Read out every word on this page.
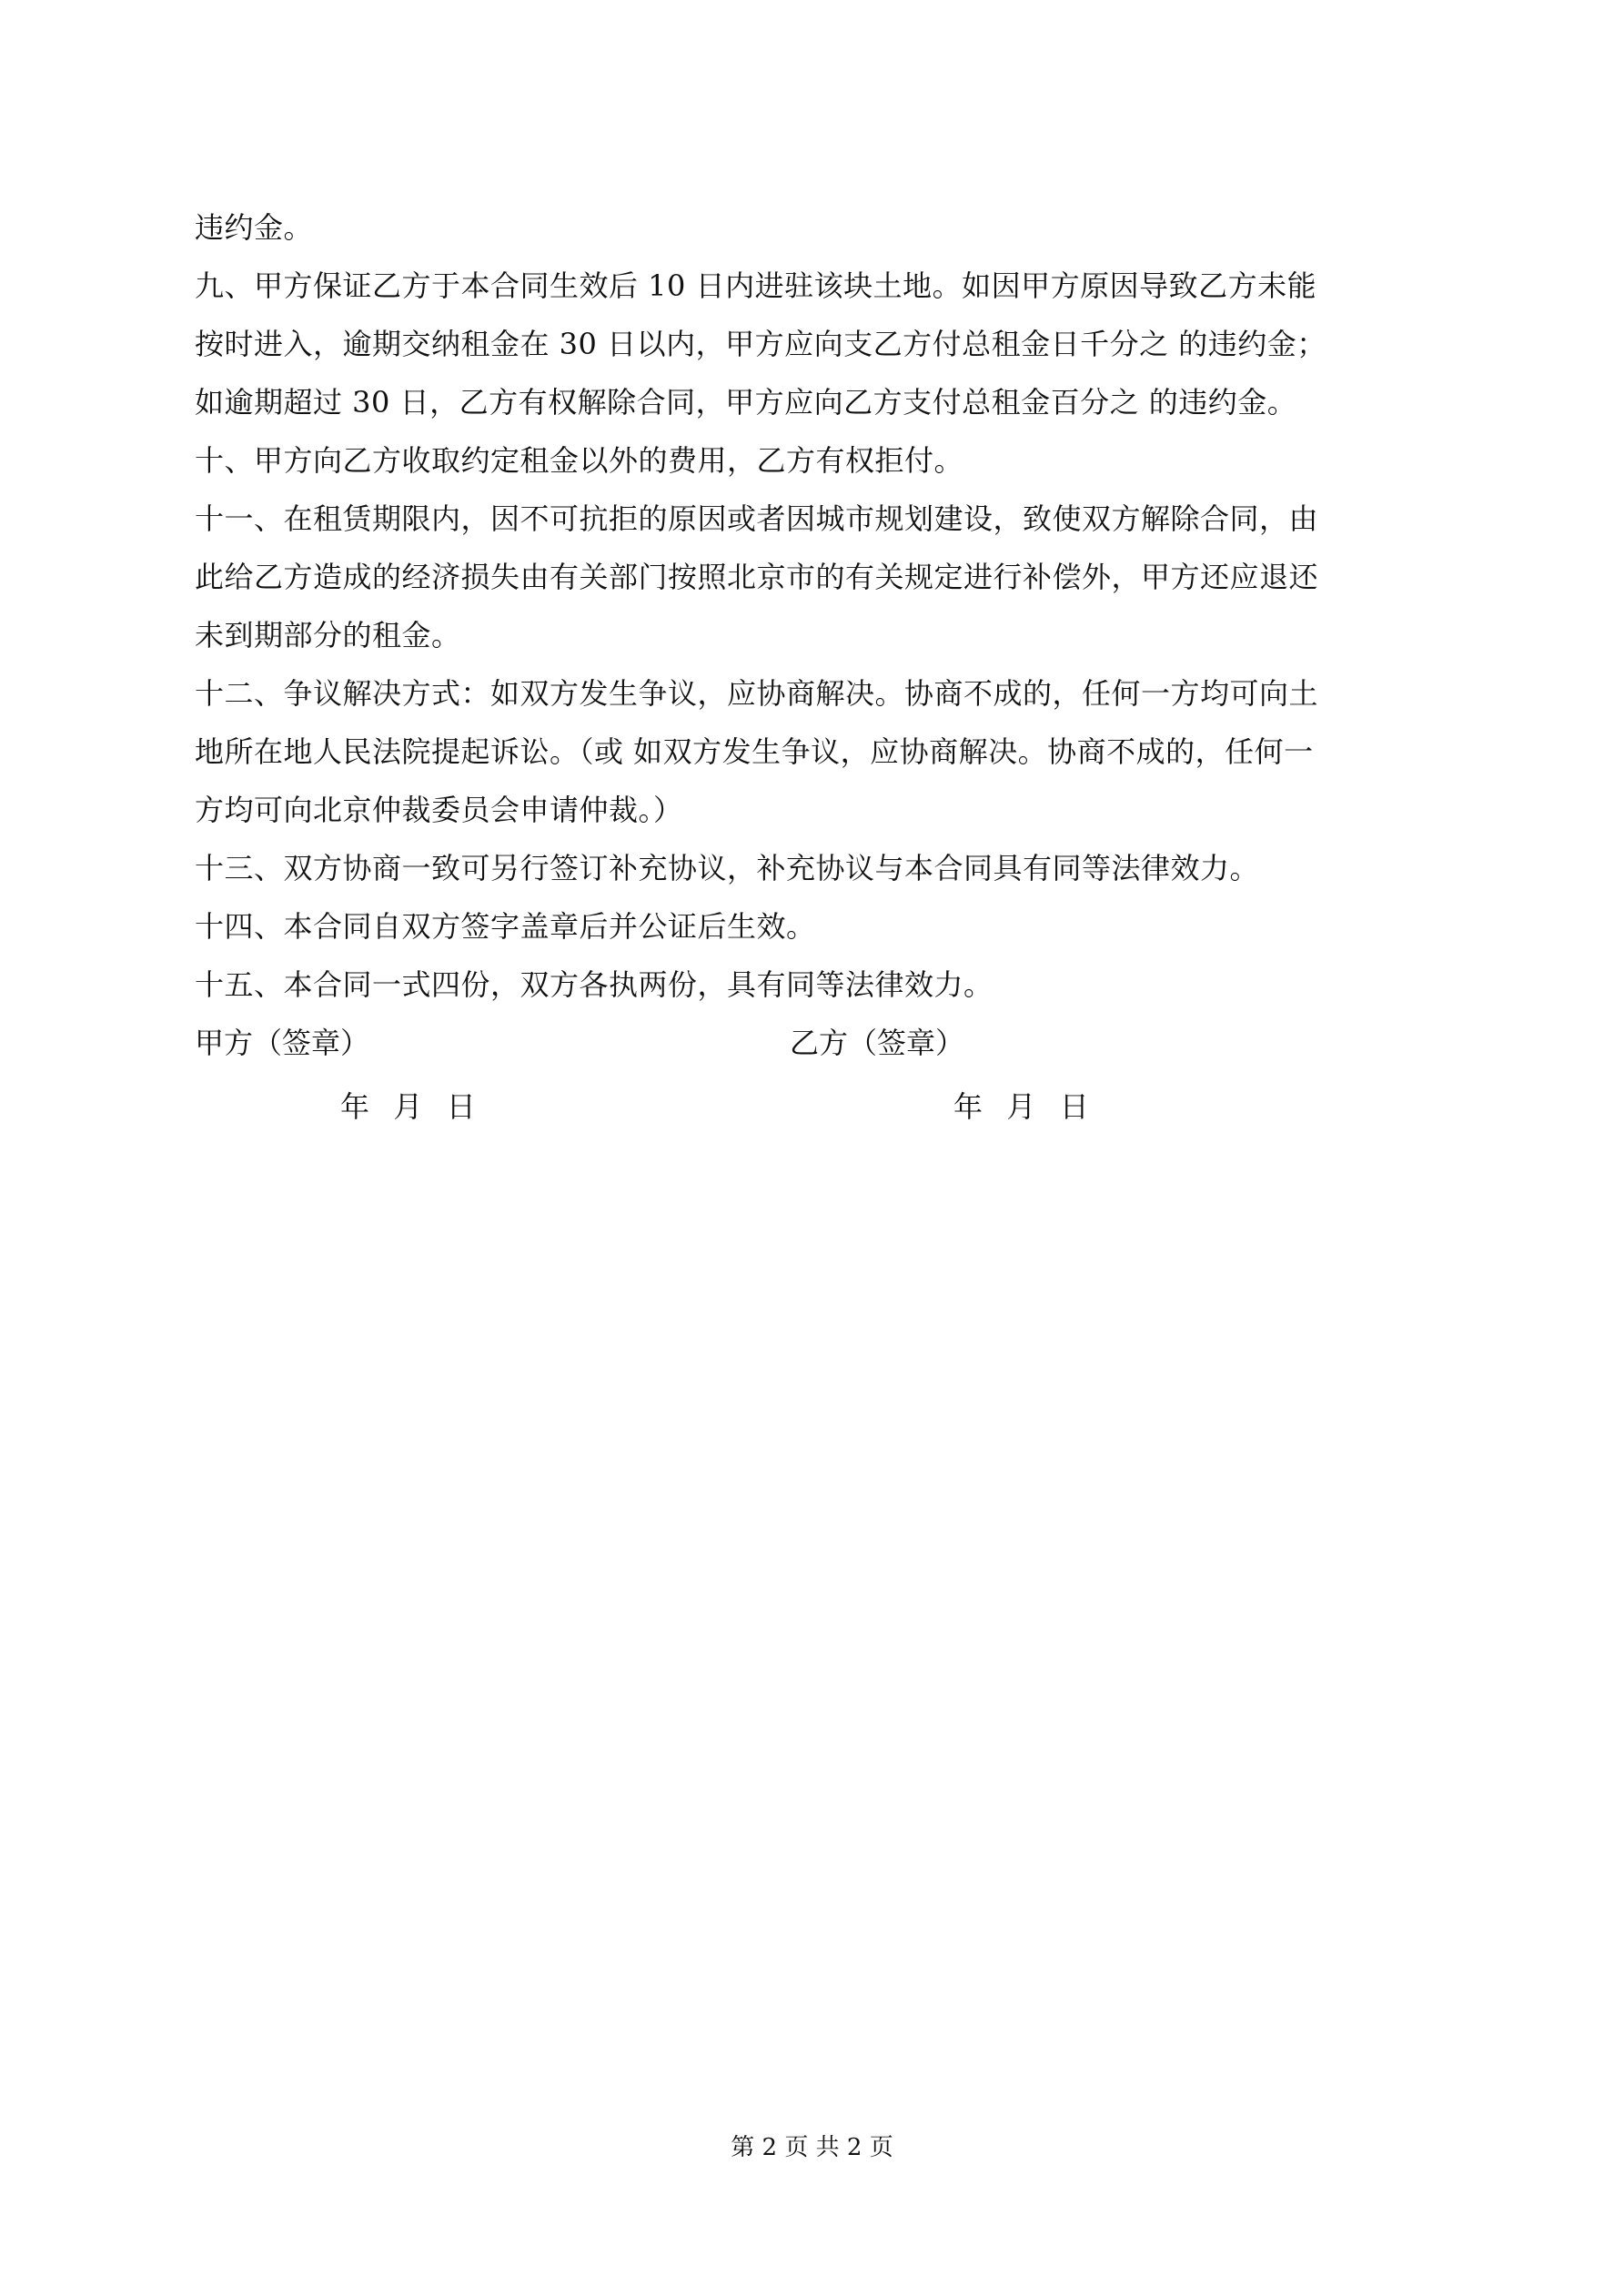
违约金。
九、甲方保证乙方于本合同生效后 10 日内进驻该块土地。如因甲方原因导致乙方未能
按时进入，逾期交纳租金在 30 日以内，甲方应向支乙方付总租金日千分之 的违约金；
如逾期超过 30 日，乙方有权解除合同，甲方应向乙方支付总租金百分之 的违约金。
十、甲方向乙方收取约定租金以外的费用，乙方有权拒付。
十一、在租赁期限内，因不可抗拒的原因或者因城市规划建设，致使双方解除合同，由
此给乙方造成的经济损失由有关部门按照北京市的有关规定进行补偿外，甲方还应退还
未到期部分的租金。
十二、争议解决方式：如双方发生争议，应协商解决。协商不成的，任何一方均可向土
地所在地人民法院提起诉讼。（或 如双方发生争议，应协商解决。协商不成的，任何一
方均可向北京仲裁委员会申请仲裁。）
十三、双方协商一致可另行签订补充协议，补充协议与本合同具有同等法律效力。
十四、本合同自双方签字盖章后并公证后生效。
十五、本合同一式四份，双方各执两份，具有同等法律效力。
甲方（签章）	乙方（签章）
年  月  日	年  月  日
第 2 页 共 2 页
